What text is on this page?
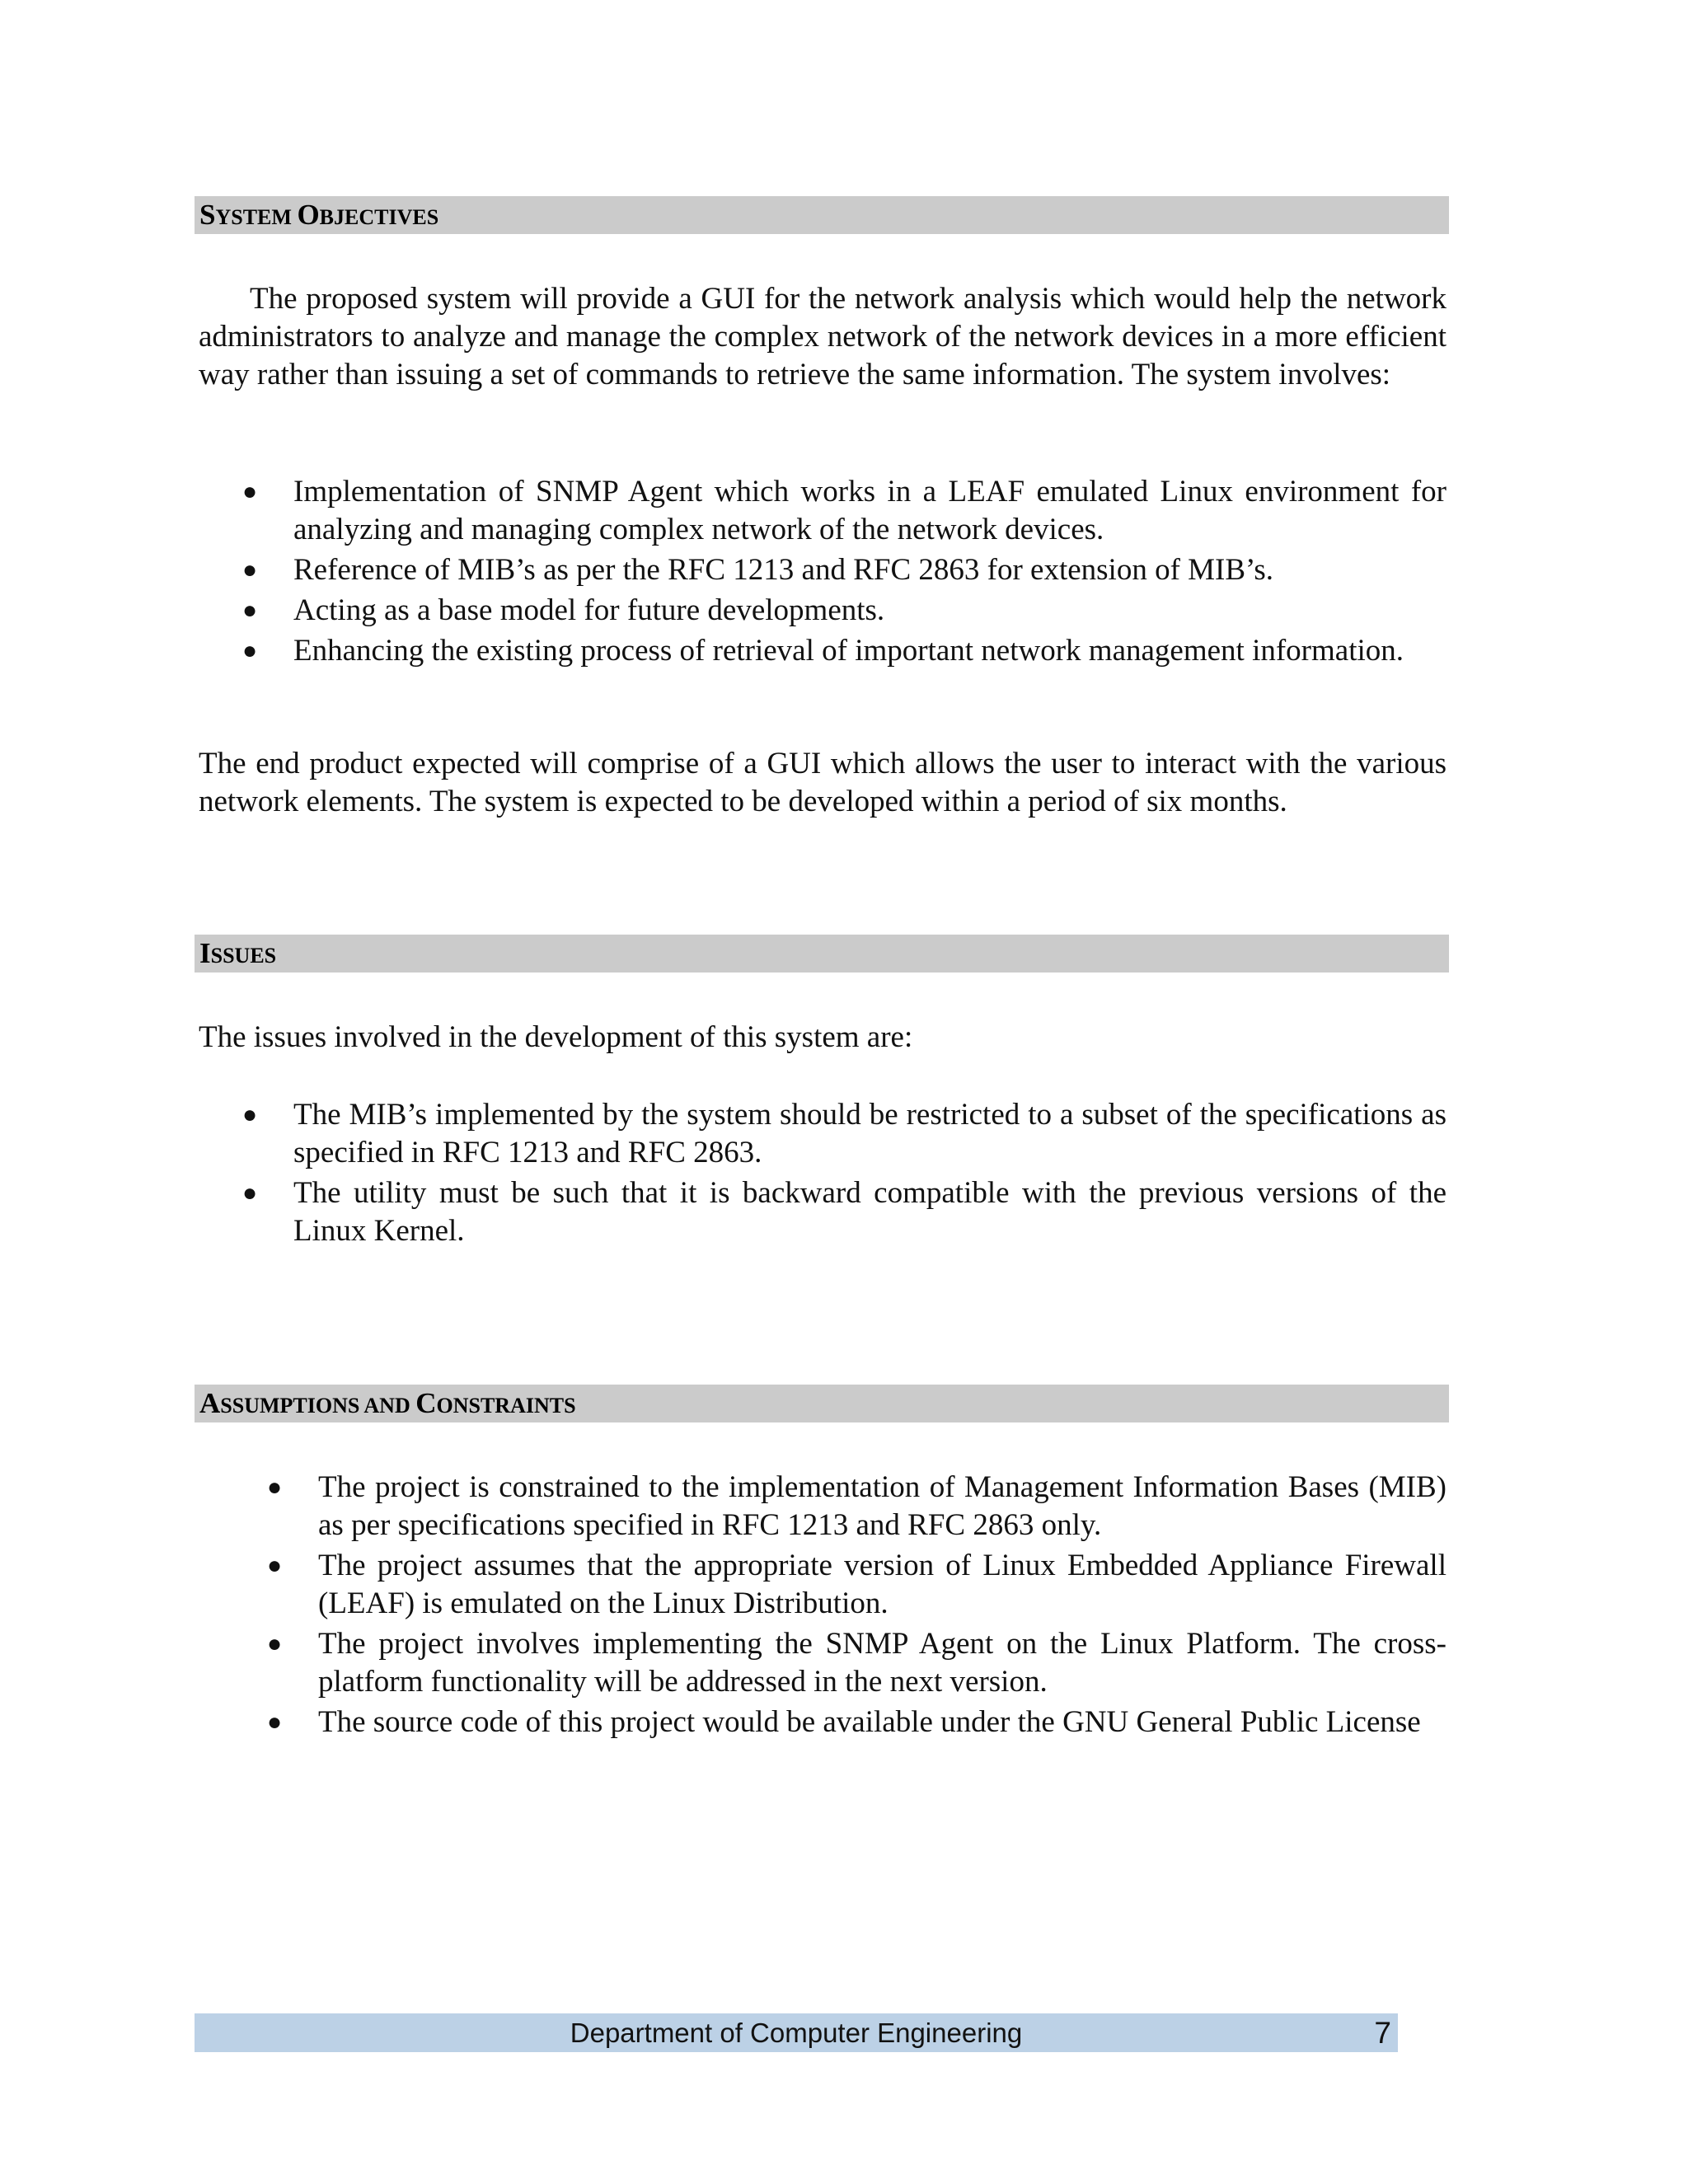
SYSTEM OBJECTIVES

The proposed system will provide a GUI for the network analysis which would help the network administrators to analyze and manage the complex network of the network devices in a more efficient way rather than issuing a set of commands to retrieve the same information. The system involves:

● Implementation of SNMP Agent which works in a LEAF emulated Linux environment for analyzing and managing complex network of the network devices.
● Reference of MIB’s as per the RFC 1213 and RFC 2863 for extension of MIB’s.
● Acting as a base model for future developments.
● Enhancing the existing process of retrieval of important network management information.

The end product expected will comprise of a GUI which allows the user to interact with the various network elements. The system is expected to be developed within a period of six months.

ISSUES

The issues involved in the development of this system are:

● The MIB’s implemented by the system should be restricted to a subset of the specifications as specified in RFC 1213 and RFC 2863.
● The utility must be such that it is backward compatible with the previous versions of the Linux Kernel.
ASSUMPTIONS AND CONSTRAINTS
● The project is constrained to the implementation of Management Information Bases (MIB) as per specifications specified in RFC 1213 and RFC 2863 only.
● The project assumes that the appropriate version of Linux Embedded Appliance Firewall (LEAF) is emulated on the Linux Distribution.
● The project involves implementing the SNMP Agent on the Linux Platform. The cross-platform functionality will be addressed in the next version.
● The source code of this project would be available under the GNU General Public License
Department of Computer Engineering	7
